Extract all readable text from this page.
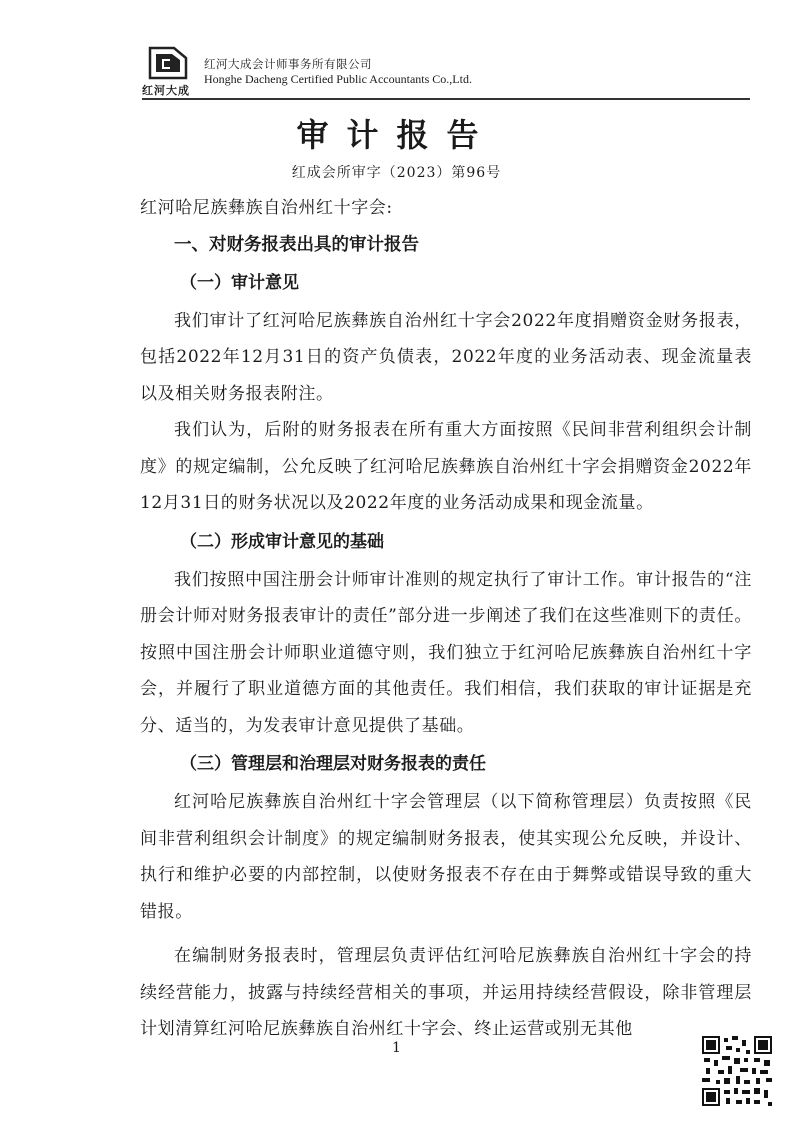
红河大成
红河大成会计师事务所有限公司
Honghe Dacheng Certified Public Accountants Co.,Ltd.
审计报告
红成会所审字（2023）第96号

红河哈尼族彝族自治州红十字会:

一、对财务报表出具的审计报告

（一）审计意见

我们审计了红河哈尼族彝族自治州红十字会2022年度捐赠资金财务报表，包括2022年12月31日的资产负债表，2022年度的业务活动表、现金流量表以及相关财务报表附注。

我们认为，后附的财务报表在所有重大方面按照《民间非营利组织会计制度》的规定编制，公允反映了红河哈尼族彝族自治州红十字会捐赠资金2022年12月31日的财务状况以及2022年度的业务活动成果和现金流量。

（二）形成审计意见的基础

我们按照中国注册会计师审计准则的规定执行了审计工作。审计报告的“注册会计师对财务报表审计的责任”部分进一步阐述了我们在这些准则下的责任。按照中国注册会计师职业道德守则，我们独立于红河哈尼族彝族自治州红十字会，并履行了职业道德方面的其他责任。我们相信，我们获取的审计证据是充分、适当的，为发表审计意见提供了基础。

（三）管理层和治理层对财务报表的责任

红河哈尼族彝族自治州红十字会管理层（以下简称管理层）负责按照《民间非营利组织会计制度》的规定编制财务报表，使其实现公允反映，并设计、执行和维护必要的内部控制，以使财务报表不存在由于舞弊或错误导致的重大错报。

在编制财务报表时，管理层负责评估红河哈尼族彝族自治州红十字会的持续经营能力，披露与持续经营相关的事项，并运用持续经营假设，除非管理层计划清算红河哈尼族彝族自治州红十字会、终止运营或别无其他

1
